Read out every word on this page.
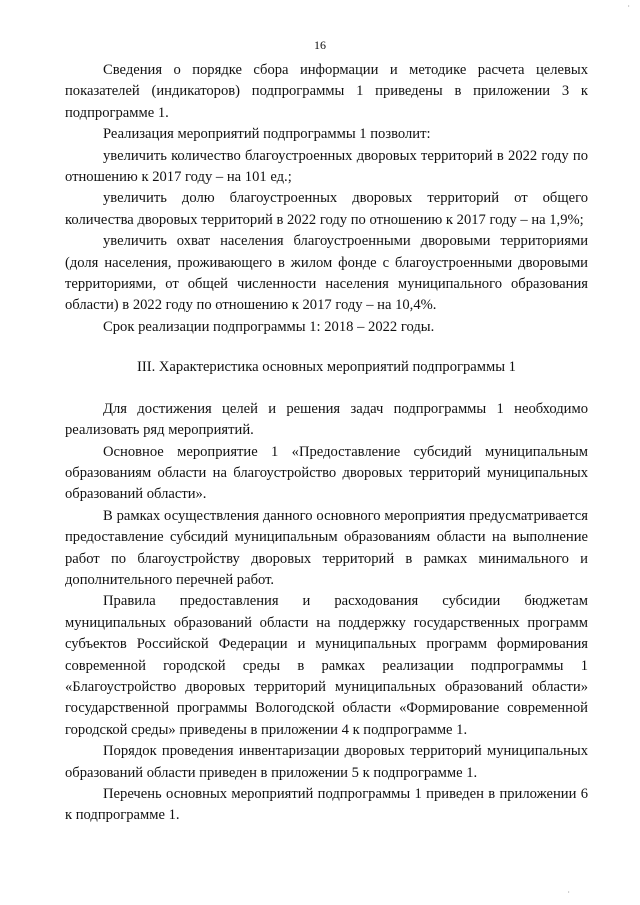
16

Сведения о порядке сбора информации и методике расчета целевых показателей (индикаторов) подпрограммы 1 приведены в приложении 3 к подпрограмме 1.

Реализация мероприятий подпрограммы 1 позволит:

увеличить количество благоустроенных дворовых территорий в 2022 году по отношению к 2017 году – на 101 ед.;

увеличить долю благоустроенных дворовых территорий от общего количества дворовых территорий в 2022 году по отношению к 2017 году – на 1,9%;

увеличить охват населения благоустроенными дворовыми территориями (доля населения, проживающего в жилом фонде с благоустроенными дворовыми территориями, от общей численности населения муниципального образования области) в 2022 году по отношению к 2017 году – на 10,4%.

Срок реализации подпрограммы 1: 2018 – 2022 годы.

III. Характеристика основных мероприятий подпрограммы 1

Для достижения целей и решения задач подпрограммы 1 необходимо реализовать ряд мероприятий.

Основное мероприятие 1 «Предоставление субсидий муниципальным образованиям области на благоустройство дворовых территорий муниципальных образований области».

В рамках осуществления данного основного мероприятия предусматривается предоставление субсидий муниципальным образованиям области на выполнение работ по благоустройству дворовых территорий в рамках минимального и дополнительного перечней работ.

Правила предоставления и расходования субсидии бюджетам муниципальных образований области на поддержку государственных программ субъектов Российской Федерации и муниципальных программ формирования современной городской среды в рамках реализации подпрограммы 1 «Благоустройство дворовых территорий муниципальных образований области» государственной программы Вологодской области «Формирование современной городской среды» приведены в приложении 4 к подпрограмме 1.

Порядок проведения инвентаризации дворовых территорий муниципальных образований области приведен в приложении 5 к подпрограмме 1.

Перечень основных мероприятий подпрограммы 1 приведен в приложении 6 к подпрограмме 1.

·
·
